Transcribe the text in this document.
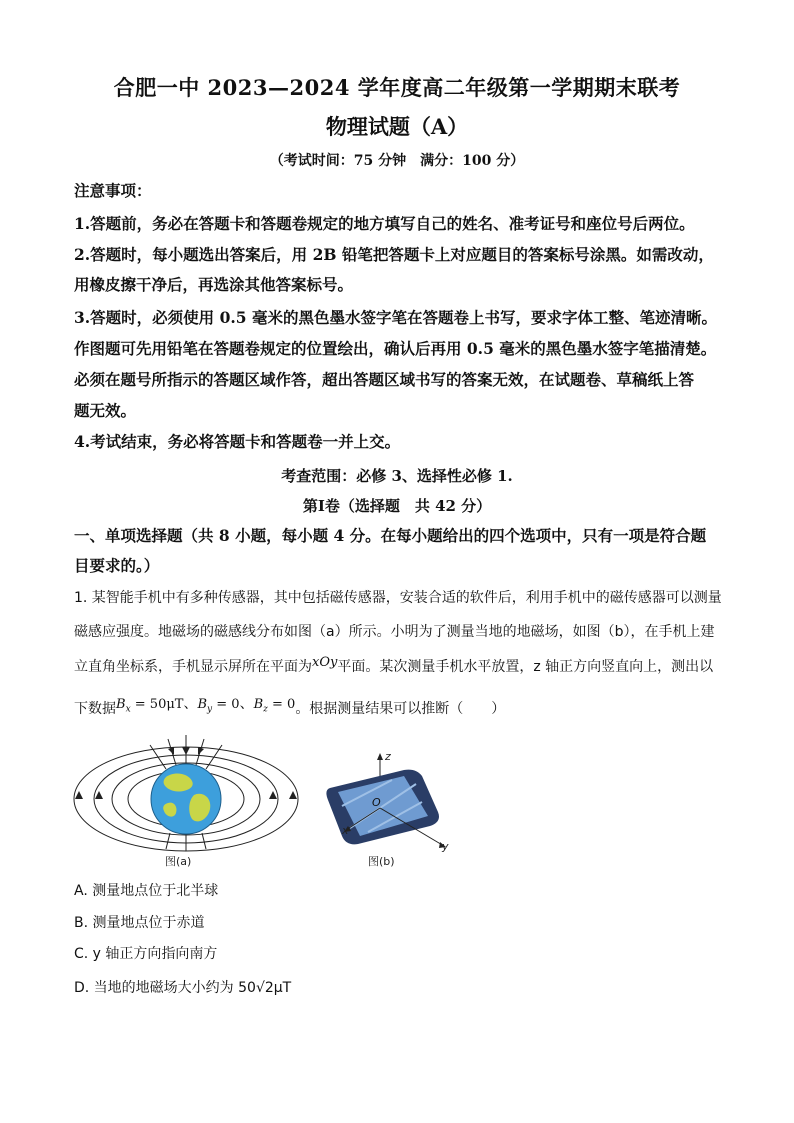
合肥一中 2023—2024 学年度高二年级第一学期期末联考
物理试题（A）
（考试时间：75 分钟　满分：100 分）
注意事项：
1.答题前，务必在答题卡和答题卷规定的地方填写自己的姓名、准考证号和座位号后两位。
2.答题时，每小题选出答案后，用 2B 铅笔把答题卡上对应题目的答案标号涂黑。如需改动，
用橡皮擦干净后，再选涂其他答案标号。
3.答题时，必须使用 0.5 毫米的黑色墨水签字笔在答题卷上书写，要求字体工整、笔迹清晰。
作图题可先用铅笔在答题卷规定的位置绘出，确认后再用 0.5 毫米的黑色墨水签字笔描清楚。
必须在题号所指示的答题区域作答，超出答题区域书写的答案无效，在试题卷、草稿纸上答
题无效。
4.考试结束，务必将答题卡和答题卷一并上交。
考查范围：必修 3、选择性必修 1.
第Ⅰ卷（选择题　共 42 分）
一、单项选择题（共 8 小题，每小题 4 分。在每小题给出的四个选项中，只有一项是符合题
目要求的。）
1. 某智能手机中有多种传感器，其中包括磁传感器，安装合适的软件后，利用手机中的磁传感器可以测量
磁感应强度。地磁场的磁感线分布如图（a）所示。小明为了测量当地的地磁场，如图（b），在手机上建
立直角坐标系，手机显示屏所在平面为xOy平面。某次测量手机水平放置，z 轴正方向竖直向上，测出以
下数据$B_x = 50\mu T$、$B_y = 0$、$B_z = 0$。根据测量结果可以推断（　　）
图(a)
z
x
y
O
图(b)
A. 测量地点位于北半球
B. 测量地点位于赤道
C. y 轴正方向指向南方
D. 当地的地磁场大小约为 50√2μT
